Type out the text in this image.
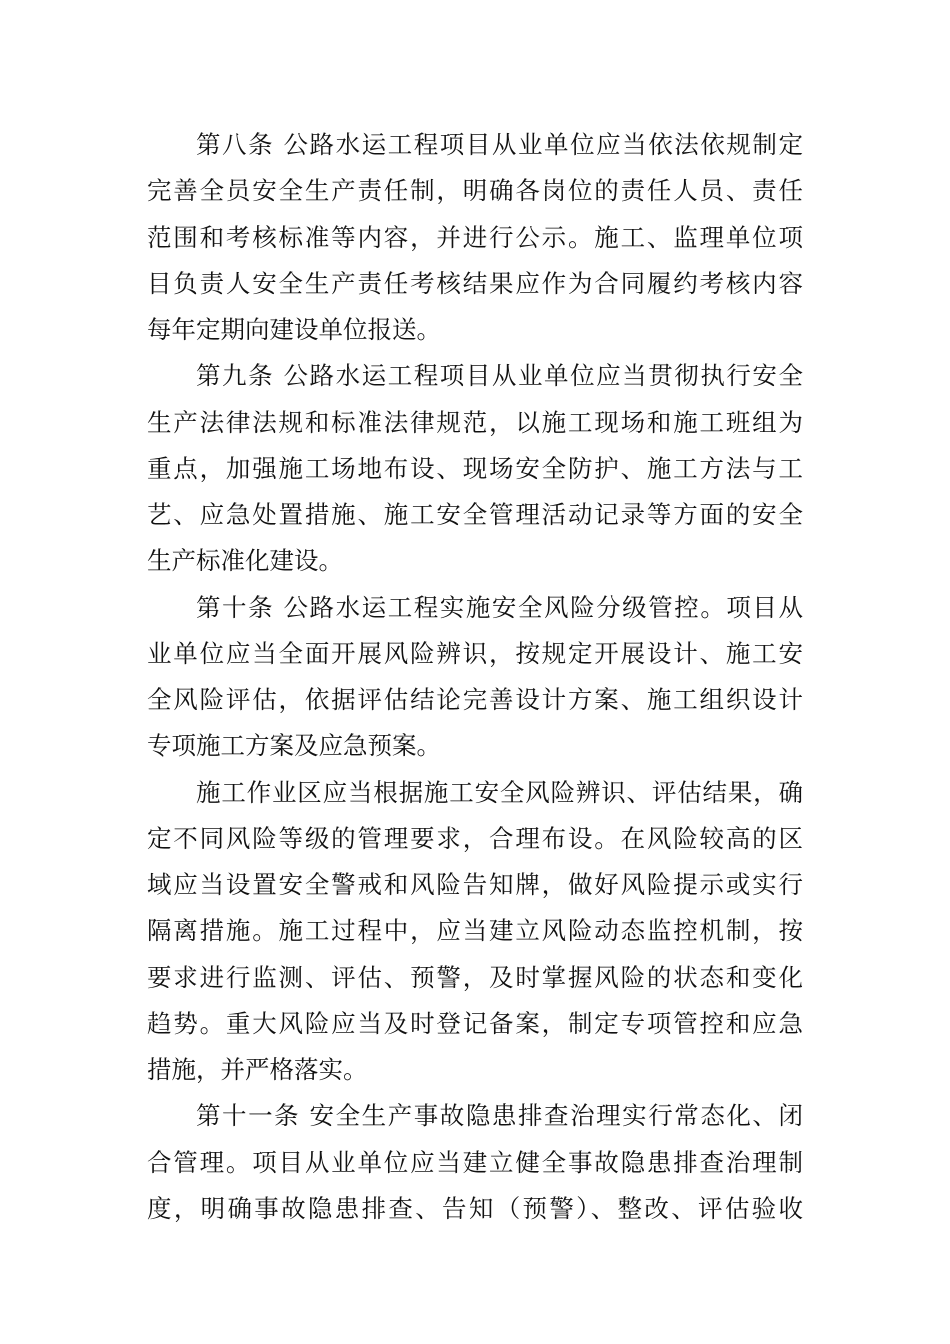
第八条 公路水运工程项目从业单位应当依法依规制定
完善全员安全生产责任制，明确各岗位的责任人员、责任
范围和考核标准等内容，并进行公示。施工、监理单位项
目负责人安全生产责任考核结果应作为合同履约考核内容
每年定期向建设单位报送。
第九条 公路水运工程项目从业单位应当贯彻执行安全
生产法律法规和标准法律规范，以施工现场和施工班组为
重点，加强施工场地布设、现场安全防护、施工方法与工
艺、应急处置措施、施工安全管理活动记录等方面的安全
生产标准化建设。
第十条 公路水运工程实施安全风险分级管控。项目从
业单位应当全面开展风险辨识，按规定开展设计、施工安
全风险评估，依据评估结论完善设计方案、施工组织设计
专项施工方案及应急预案。
施工作业区应当根据施工安全风险辨识、评估结果，确
定不同风险等级的管理要求，合理布设。在风险较高的区
域应当设置安全警戒和风险告知牌，做好风险提示或实行
隔离措施。施工过程中，应当建立风险动态监控机制，按
要求进行监测、评估、预警，及时掌握风险的状态和变化
趋势。重大风险应当及时登记备案，制定专项管控和应急
措施，并严格落实。
第十一条 安全生产事故隐患排查治理实行常态化、闭
合管理。项目从业单位应当建立健全事故隐患排查治理制
度，明确事故隐患排查、告知（预警）、整改、评估验收
